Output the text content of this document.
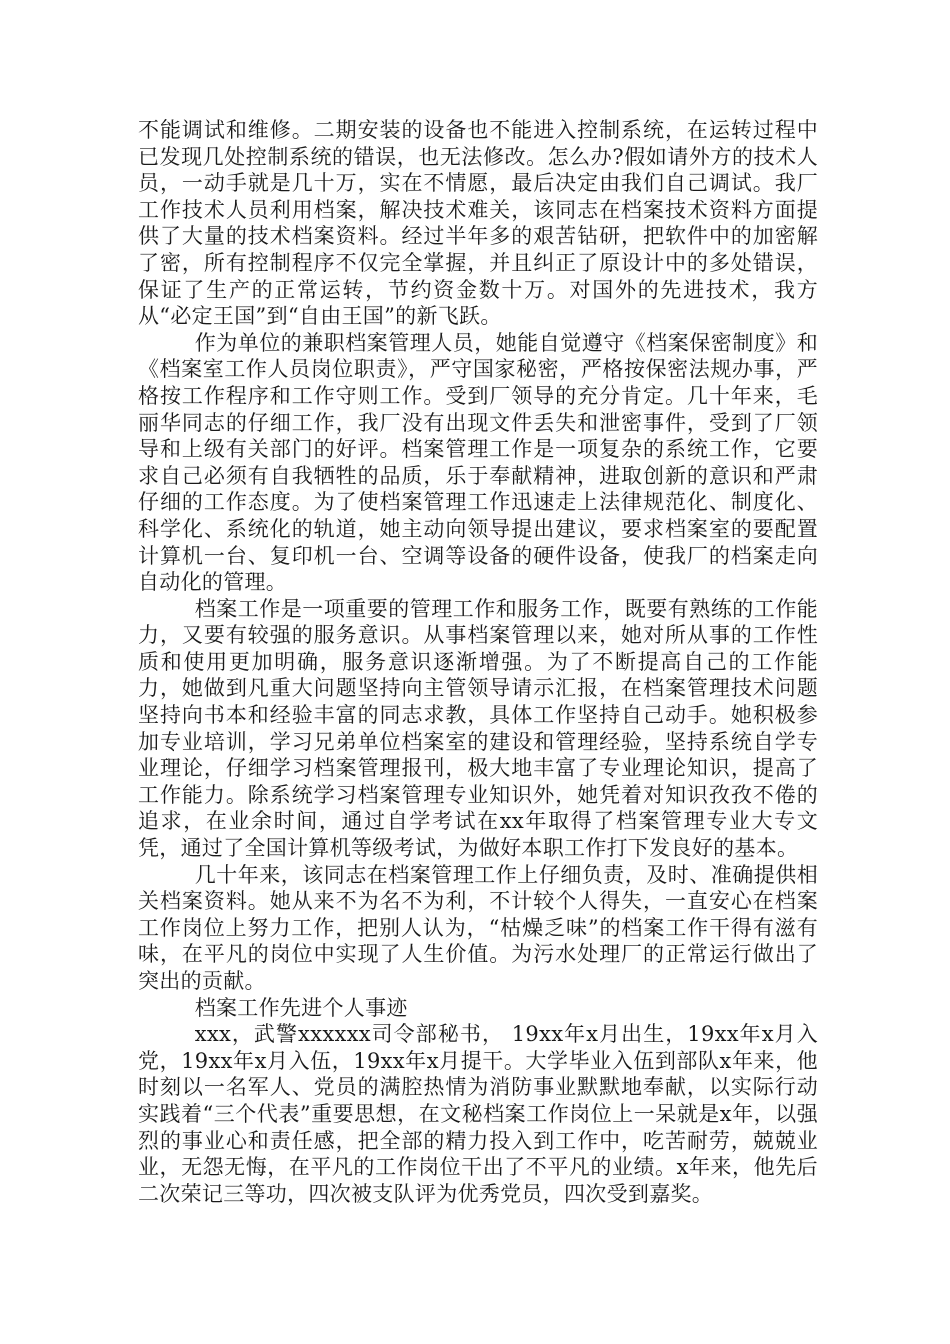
不能调试和维修。二期安装的设备也不能进入控制系统，在运转过程中已发现几处控制系统的错误，也无法修改。怎么办?假如请外方的技术人员，一动手就是几十万，实在不情愿，最后决定由我们自己调试。我厂工作技术人员利用档案，解决技术难关，该同志在档案技术资料方面提供了大量的技术档案资料。经过半年多的艰苦钻研，把软件中的加密解了密，所有控制程序不仅完全掌握，并且纠正了原设计中的多处错误，保证了生产的正常运转，节约资金数十万。对国外的先进技术，我方从“必定王国”到“自由王国”的新飞跃。

作为单位的兼职档案管理人员，她能自觉遵守《档案保密制度》和《档案室工作人员岗位职责》，严守国家秘密，严格按保密法规办事，严格按工作程序和工作守则工作。受到厂领导的充分肯定。几十年来，毛丽华同志的仔细工作，我厂没有出现文件丢失和泄密事件，受到了厂领导和上级有关部门的好评。档案管理工作是一项复杂的系统工作，它要求自己必须有自我牺牲的品质，乐于奉献精神，进取创新的意识和严肃仔细的工作态度。为了使档案管理工作迅速走上法律规范化、制度化、科学化、系统化的轨道，她主动向领导提出建议，要求档案室的要配置计算机一台、复印机一台、空调等设备的硬件设备，使我厂的档案走向自动化的管理。

档案工作是一项重要的管理工作和服务工作，既要有熟练的工作能力，又要有较强的服务意识。从事档案管理以来，她对所从事的工作性质和使用更加明确，服务意识逐渐增强。为了不断提高自己的工作能力，她做到凡重大问题坚持向主管领导请示汇报，在档案管理技术问题坚持向书本和经验丰富的同志求教，具体工作坚持自己动手。她积极参加专业培训，学习兄弟单位档案室的建设和管理经验，坚持系统自学专业理论，仔细学习档案管理报刊，极大地丰富了专业理论知识，提高了工作能力。除系统学习档案管理专业知识外，她凭着对知识孜孜不倦的追求，在业余时间，通过自学考试在xx年取得了档案管理专业大专文凭，通过了全国计算机等级考试，为做好本职工作打下发良好的基本。

几十年来，该同志在档案管理工作上仔细负责，及时、准确提供相关档案资料。她从来不为名不为利，不计较个人得失，一直安心在档案工作岗位上努力工作，把别人认为，“枯燥乏味”的档案工作干得有滋有味，在平凡的岗位中实现了人生价值。为污水处理厂的正常运行做出了突出的贡献。

档案工作先进个人事迹

xxx，武警xxxxxx司令部秘书， 19xx年x月出生，19xx年x月入党，19xx年x月入伍，19xx年x月提干。大学毕业入伍到部队x年来，他时刻以一名军人、党员的满腔热情为消防事业默默地奉献，以实际行动实践着“三个代表”重要思想，在文秘档案工作岗位上一呆就是x年，以强烈的事业心和责任感，把全部的精力投入到工作中，吃苦耐劳，兢兢业业，无怨无悔，在平凡的工作岗位干出了不平凡的业绩。x年来，他先后二次荣记三等功，四次被支队评为优秀党员，四次受到嘉奖。
